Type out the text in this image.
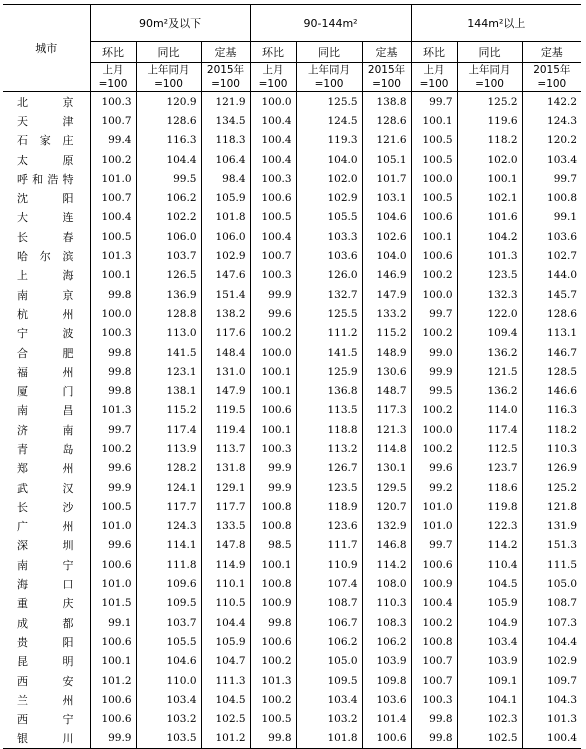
城市	90m²及以下			90-144m²			144m²以上		
	环比	同比	定基	环比	同比	定基	环比	同比	定基
	上月	上年同月	2015年	上月	上年同月	2015年	上月	上年同月	2015年
	=100	=100	=100	=100	=100	=100	=100	=100	=100
北京	100.3	120.9	121.9	100.0	125.5	138.8	99.7	125.2	142.2
天津	100.7	128.6	134.5	100.4	124.5	128.6	100.1	119.6	124.3
石家庄	99.4	116.3	118.3	100.4	119.3	121.6	100.5	118.2	120.2
太原	100.2	104.4	106.4	100.4	104.0	105.1	100.5	102.0	103.4
呼和浩特	101.0	99.5	98.4	100.3	102.0	101.7	100.0	100.1	99.7
沈阳	100.7	106.2	105.9	100.6	102.9	103.1	100.5	102.1	100.8
大连	100.4	102.2	101.8	100.5	105.5	104.6	100.6	101.6	99.1
长春	100.5	106.0	106.0	100.4	103.3	102.6	100.1	104.2	103.6
哈尔滨	101.3	103.7	102.9	100.7	103.6	104.0	100.6	101.3	102.7
上海	100.1	126.5	147.6	100.3	126.0	146.9	100.2	123.5	144.0
南京	99.8	136.9	151.4	99.9	132.7	147.9	100.0	132.3	145.7
杭州	100.0	128.8	138.2	99.6	125.5	133.2	99.7	122.0	128.6
宁波	100.3	113.0	117.6	100.2	111.2	115.2	100.2	109.4	113.1
合肥	99.8	141.5	148.4	100.0	141.5	148.9	99.0	136.2	146.7
福州	99.8	123.1	131.0	100.1	125.9	130.6	99.9	121.5	128.5
厦门	99.8	138.1	147.9	100.1	136.8	148.7	99.5	136.2	146.6
南昌	101.3	115.2	119.5	100.6	113.5	117.3	100.2	114.0	116.3
济南	99.7	117.4	119.4	100.1	118.8	121.3	100.0	117.4	118.2
青岛	100.2	113.9	113.7	100.3	113.2	114.8	100.2	112.5	110.3
郑州	99.6	128.2	131.8	99.9	126.7	130.1	99.6	123.7	126.9
武汉	99.9	124.1	129.1	99.9	123.5	129.5	99.2	118.6	125.2
长沙	100.5	117.7	117.7	100.8	118.9	120.7	101.0	119.8	121.8
广州	101.0	124.3	133.5	100.8	123.6	132.9	101.0	122.3	131.9
深圳	99.6	114.1	147.8	98.5	111.7	146.8	99.7	114.2	151.3
南宁	100.6	111.8	114.9	100.1	110.9	114.2	100.6	110.4	111.5
海口	101.0	109.6	110.1	100.8	107.4	108.0	100.9	104.5	105.0
重庆	101.5	109.5	110.5	100.9	108.7	110.3	100.4	105.9	108.7
成都	99.1	103.7	104.4	99.8	106.7	108.3	100.2	104.9	107.3
贵阳	100.6	105.5	105.9	100.6	106.2	106.2	100.8	103.4	104.4
昆明	100.1	104.6	104.7	100.2	105.0	103.9	100.7	103.9	102.9
西安	101.2	110.0	111.3	101.3	109.5	109.8	100.7	109.1	109.7
兰州	100.6	103.4	104.5	100.2	103.4	103.6	100.3	104.1	104.3
西宁	100.6	103.2	102.5	100.5	103.2	101.4	99.8	102.3	101.3
银川	99.9	103.5	101.2	99.8	101.8	100.6	99.8	102.5	100.4
